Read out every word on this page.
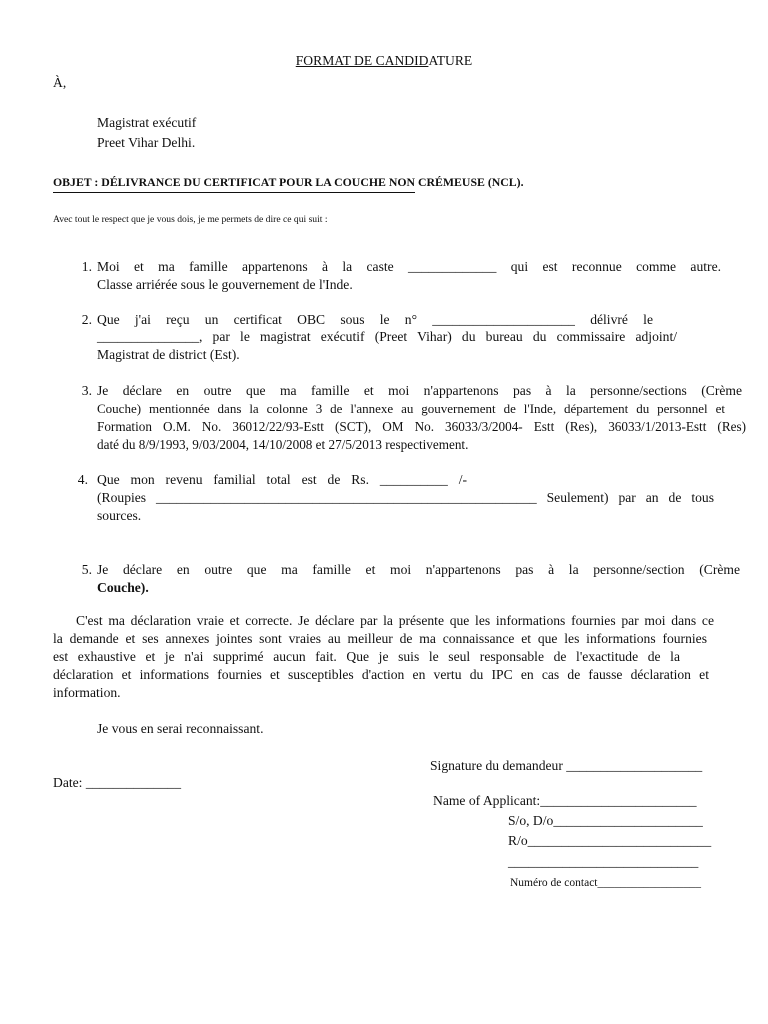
FORMAT DE CANDIDATURE
À,
Magistrat exécutif
Preet Vihar Delhi.
OBJET : DÉLIVRANCE DU CERTIFICAT POUR LA COUCHE NON CRÉMEUSE (NCL).
Avec tout le respect que je vous dois, je me permets de dire ce qui suit :
1. Moi et ma famille appartenons à la caste _____________ qui est reconnue comme autre.
Classe arriérée sous le gouvernement de l'Inde.
2. Que j'ai reçu un certificat OBC sous le n° _____________________ délivré le
_______________, par le magistrat exécutif (Preet Vihar) du bureau du commissaire adjoint/
Magistrat de district (Est).
3. Je déclare en outre que ma famille et moi n'appartenons pas à la personne/sections (Crème
Couche) mentionnée dans la colonne 3 de l'annexe au gouvernement de l'Inde, département du personnel et
Formation O.M. No. 36012/22/93-Estt (SCT), OM No. 36033/3/2004- Estt (Res), 36033/1/2013-Estt (Res)
daté du 8/9/1993, 9/03/2004, 14/10/2008 et 27/5/2013 respectivement.
4. Que mon revenu familial total est de Rs. __________ /-
(Roupies ________________________________________________________ Seulement) par an de tous
sources.
5. Je déclare en outre que ma famille et moi n'appartenons pas à la personne/section (Crème
Couche).
C'est ma déclaration vraie et correcte. Je déclare par la présente que les informations fournies par moi dans ce
la demande et ses annexes jointes sont vraies au meilleur de ma connaissance et que les informations fournies
est exhaustive et je n'ai supprimé aucun fait. Que je suis le seul responsable de l'exactitude de la
déclaration et informations fournies et susceptibles d'action en vertu du IPC en cas de fausse déclaration et
information.
Je vous en serai reconnaissant.
Signature du demandeur ____________________
Date: ______________
Name of Applicant:_______________________
S/o, D/o______________________
R/o___________________________
____________________________
Numéro de contact__________________
